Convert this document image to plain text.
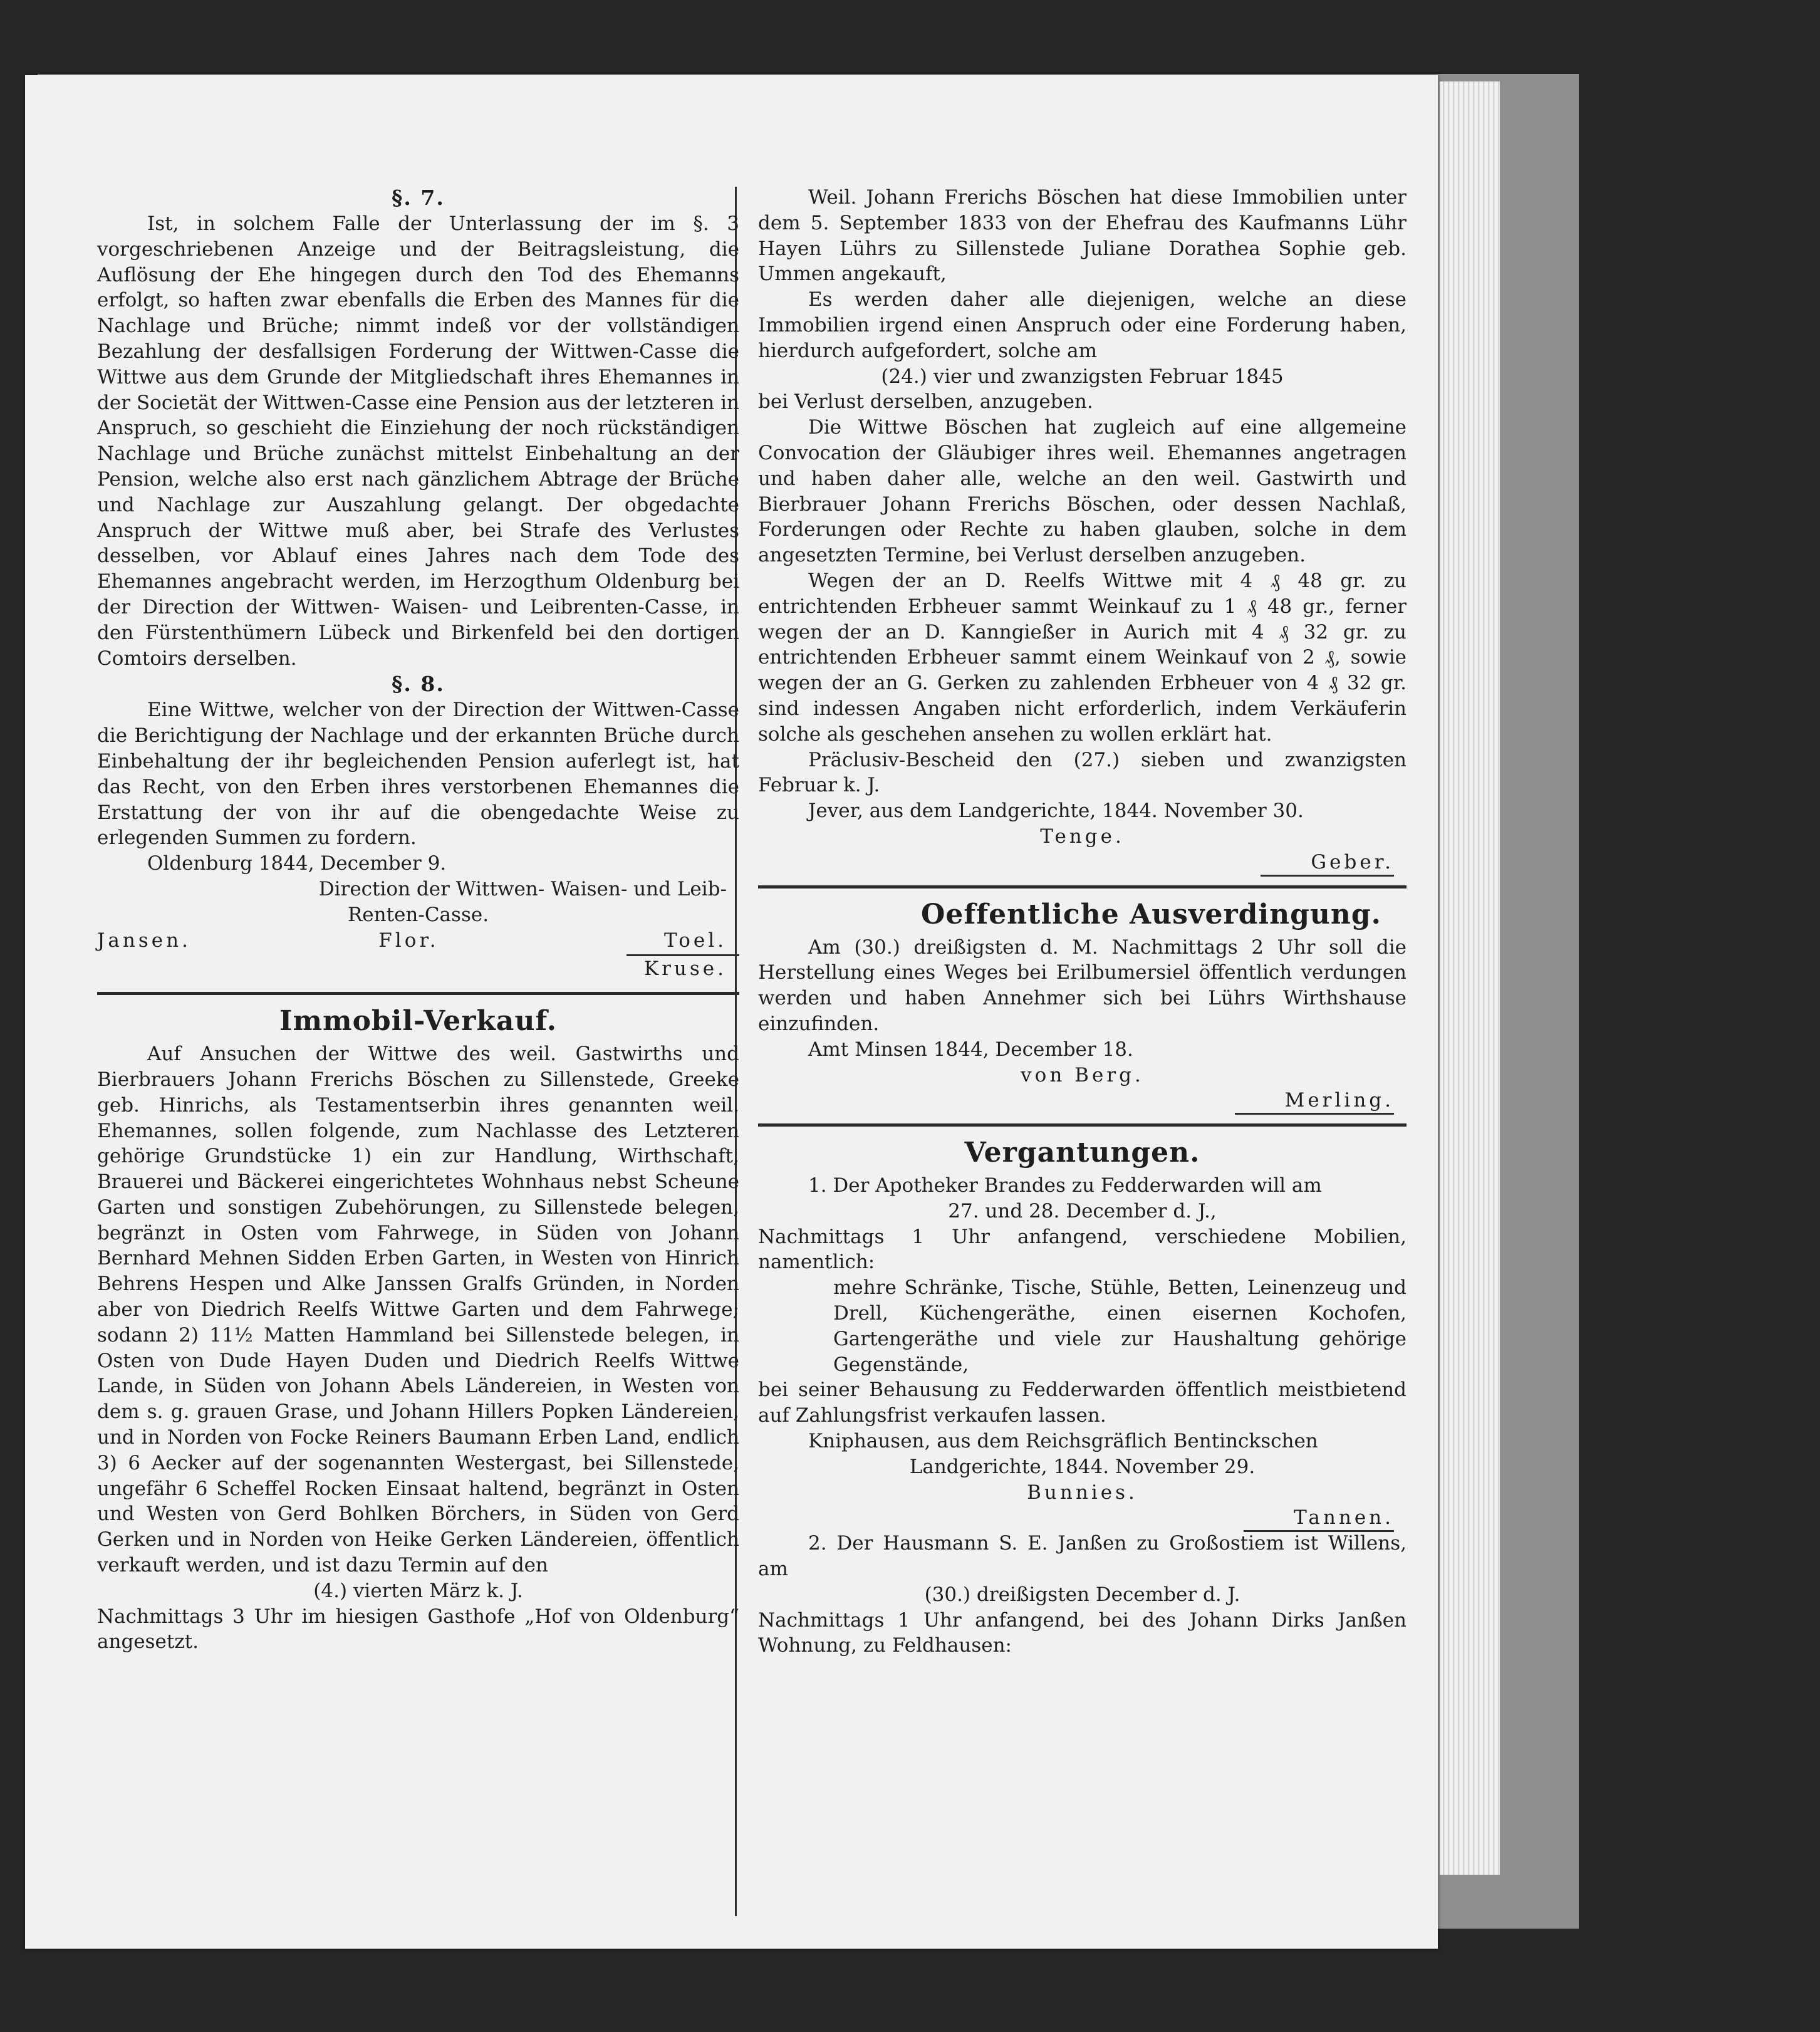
§. 7.

Ist, in solchem Falle der Unterlassung der im §. 3 vorgeschriebenen Anzeige und der Beitragsleistung, die Auflösung der Ehe hingegen durch den Tod des Ehemanns erfolgt, so haften zwar ebenfalls die Erben des Mannes für die Nachlage und Brüche; nimmt indeß vor der vollständigen Bezahlung der desfallsigen Forderung der Wittwen-Casse die Wittwe aus dem Grunde der Mitgliedschaft ihres Ehemannes in der Societät der Wittwen-Casse eine Pension aus der letzteren in Anspruch, so geschieht die Einziehung der noch rückständigen Nachlage und Brüche zunächst mittelst Einbehaltung an der Pension, welche also erst nach gänzlichem Abtrage der Brüche und Nachlage zur Auszahlung gelangt. Der obgedachte Anspruch der Wittwe muß aber, bei Strafe des Verlustes desselben, vor Ablauf eines Jahres nach dem Tode des Ehemannes angebracht werden, im Herzogthum Oldenburg bei der Direction der Wittwen- Waisen- und Leibrenten-Casse, in den Fürstenthümern Lübeck und Birkenfeld bei den dortigen Comtoirs derselben.

§. 8.

Eine Wittwe, welcher von der Direction der Wittwen-Casse die Berichtigung der Nachlage und der erkannten Brüche durch Einbehaltung der ihr begleichenden Pension auferlegt ist, hat das Recht, von den Erben ihres verstorbenen Ehemannes die Erstattung der von ihr auf die obengedachte Weise zu erlegenden Summen zu fordern.

Oldenburg 1844, December 9.
Direction der Wittwen- Waisen- und Leib-
Renten-Casse.
Jansen.	Flor.	Toel.
Kruse.
Immobil-Verkauf.

Auf Ansuchen der Wittwe des weil. Gastwirths und Bierbrauers Johann Frerichs Böschen zu Sillenstede, Greeke geb. Hinrichs, als Testamentserbin ihres genannten weil. Ehemannes, sollen folgende, zum Nachlasse des Letzteren gehörige Grundstücke 1) ein zur Handlung, Wirthschaft, Brauerei und Bäckerei eingerichtetes Wohnhaus nebst Scheune Garten und sonstigen Zubehörungen, zu Sillenstede belegen, begränzt in Osten vom Fahrwege, in Süden von Johann Bernhard Mehnen Sidden Erben Garten, in Westen von Hinrich Behrens Hespen und Alke Janssen Gralfs Gründen, in Norden aber von Diedrich Reelfs Wittwe Garten und dem Fahrwege; sodann 2) 11½ Matten Hammland bei Sillenstede belegen, in Osten von Dude Hayen Duden und Diedrich Reelfs Wittwe Lande, in Süden von Johann Abels Ländereien, in Westen von dem s. g. grauen Grase, und Johann Hillers Popken Ländereien, und in Norden von Focke Reiners Baumann Erben Land, endlich 3) 6 Aecker auf der sogenannten Westergast, bei Sillenstede, ungefähr 6 Scheffel Rocken Einsaat haltend, begränzt in Osten und Westen von Gerd Bohlken Börchers, in Süden von Gerd Gerken und in Norden von Heike Gerken Ländereien, öffentlich verkauft werden, und ist dazu Termin auf den

(4.) vierten März k. J.

Nachmittags 3 Uhr im hiesigen Gasthofe „Hof von Oldenburg“ angesetzt.

Weil. Johann Frerichs Böschen hat diese Immobilien unter dem 5. September 1833 von der Ehefrau des Kaufmanns Lühr Hayen Lührs zu Sillenstede Juliane Dorathea Sophie geb. Ummen angekauft,

Es werden daher alle diejenigen, welche an diese Immobilien irgend einen Anspruch oder eine Forderung haben, hierdurch aufgefordert, solche am

(24.) vier und zwanzigsten Februar 1845

bei Verlust derselben, anzugeben.

Die Wittwe Böschen hat zugleich auf eine allgemeine Convocation der Gläubiger ihres weil. Ehemannes angetragen und haben daher alle, welche an den weil. Gastwirth und Bierbrauer Johann Frerichs Böschen, oder dessen Nachlaß, Forderungen oder Rechte zu haben glauben, solche in dem angesetzten Termine, bei Verlust derselben anzugeben.

Wegen der an D. Reelfs Wittwe mit 4 ₰ 48 gr. zu entrichtenden Erbheuer sammt Weinkauf zu 1 ₰ 48 gr., ferner wegen der an D. Kanngießer in Aurich mit 4 ₰ 32 gr. zu entrichtenden Erbheuer sammt einem Weinkauf von 2 ₰, sowie wegen der an G. Gerken zu zahlenden Erbheuer von 4 ₰ 32 gr. sind indessen Angaben nicht erforderlich, indem Verkäuferin solche als geschehen ansehen zu wollen erklärt hat.

Präclusiv-Bescheid den (27.) sieben und zwanzigsten Februar k. J.

Jever, aus dem Landgerichte, 1844. November 30.
Tenge.
Geber.
Oeffentliche Ausverdingung.

Am (30.) dreißigsten d. M. Nachmittags 2 Uhr soll die Herstellung eines Weges bei Erilbumersiel öffentlich verdungen werden und haben Annehmer sich bei Lührs Wirthshause einzufinden.

Amt Minsen 1844, December 18.
von Berg.
Merling.
Vergantungen.

1. Der Apotheker Brandes zu Fedderwarden will am

27. und 28. December d. J.,

Nachmittags 1 Uhr anfangend, verschiedene Mobilien, namentlich:

mehre Schränke, Tische, Stühle, Betten, Leinenzeug und Drell, Küchengeräthe, einen eisernen Kochofen, Gartengeräthe und viele zur Haushaltung gehörige Gegenstände,

bei seiner Behausung zu Fedderwarden öffentlich meistbietend auf Zahlungsfrist verkaufen lassen.

Kniphausen, aus dem Reichsgräflich Bentinckschen
Landgerichte, 1844. November 29.
Bunnies.
Tannen.

2. Der Hausmann S. E. Janßen zu Großostiem ist Willens, am

(30.) dreißigsten December d. J.

Nachmittags 1 Uhr anfangend, bei des Johann Dirks Janßen Wohnung, zu Feldhausen:
